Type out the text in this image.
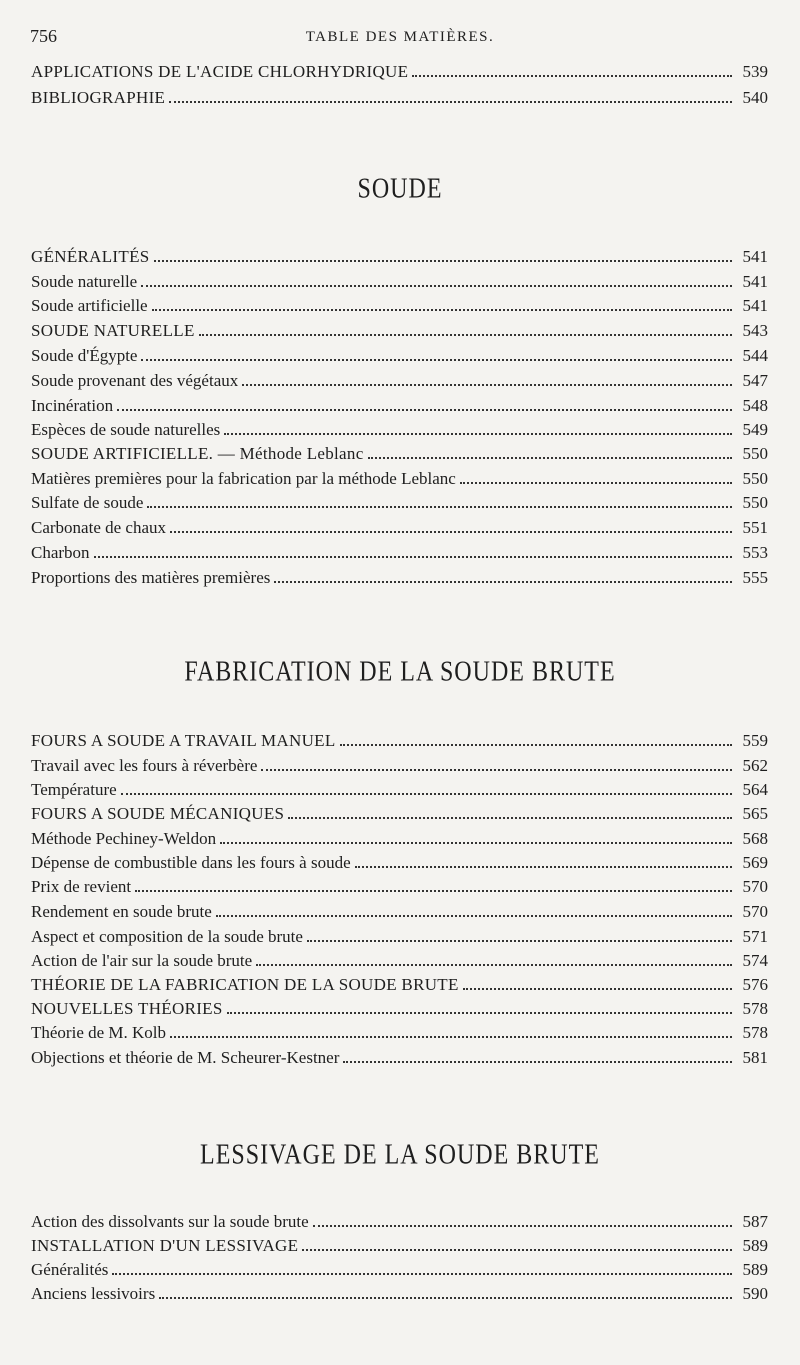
756	TABLE DES MATIÈRES.
APPLICATIONS DE L'ACIDE CHLORHYDRIQUE	539
BIBLIOGRAPHIE	540
SOUDE
GÉNÉRALITÉS	541
Soude naturelle	541
Soude artificielle	541
SOUDE NATURELLE	543
Soude d'Égypte	544
Soude provenant des végétaux	547
Incinération	548
Espèces de soude naturelles	549
SOUDE ARTIFICIELLE. — Méthode Leblanc	550
Matières premières pour la fabrication par la méthode Leblanc	550
Sulfate de soude	550
Carbonate de chaux	551
Charbon	553
Proportions des matières premières	555
FABRICATION DE LA SOUDE BRUTE
FOURS A SOUDE A TRAVAIL MANUEL	559
Travail avec les fours à réverbère	562
Température	564
FOURS A SOUDE MÉCANIQUES	565
Méthode Pechiney-Weldon	568
Dépense de combustible dans les fours à soude	569
Prix de revient	570
Rendement en soude brute	570
Aspect et composition de la soude brute	571
Action de l'air sur la soude brute	574
THÉORIE DE LA FABRICATION DE LA SOUDE BRUTE	576
NOUVELLES THÉORIES	578
Théorie de M. Kolb	578
Objections et théorie de M. Scheurer-Kestner	581
LESSIVAGE DE LA SOUDE BRUTE
Action des dissolvants sur la soude brute	587
INSTALLATION D'UN LESSIVAGE	589
Généralités	589
Anciens lessivoirs	590
